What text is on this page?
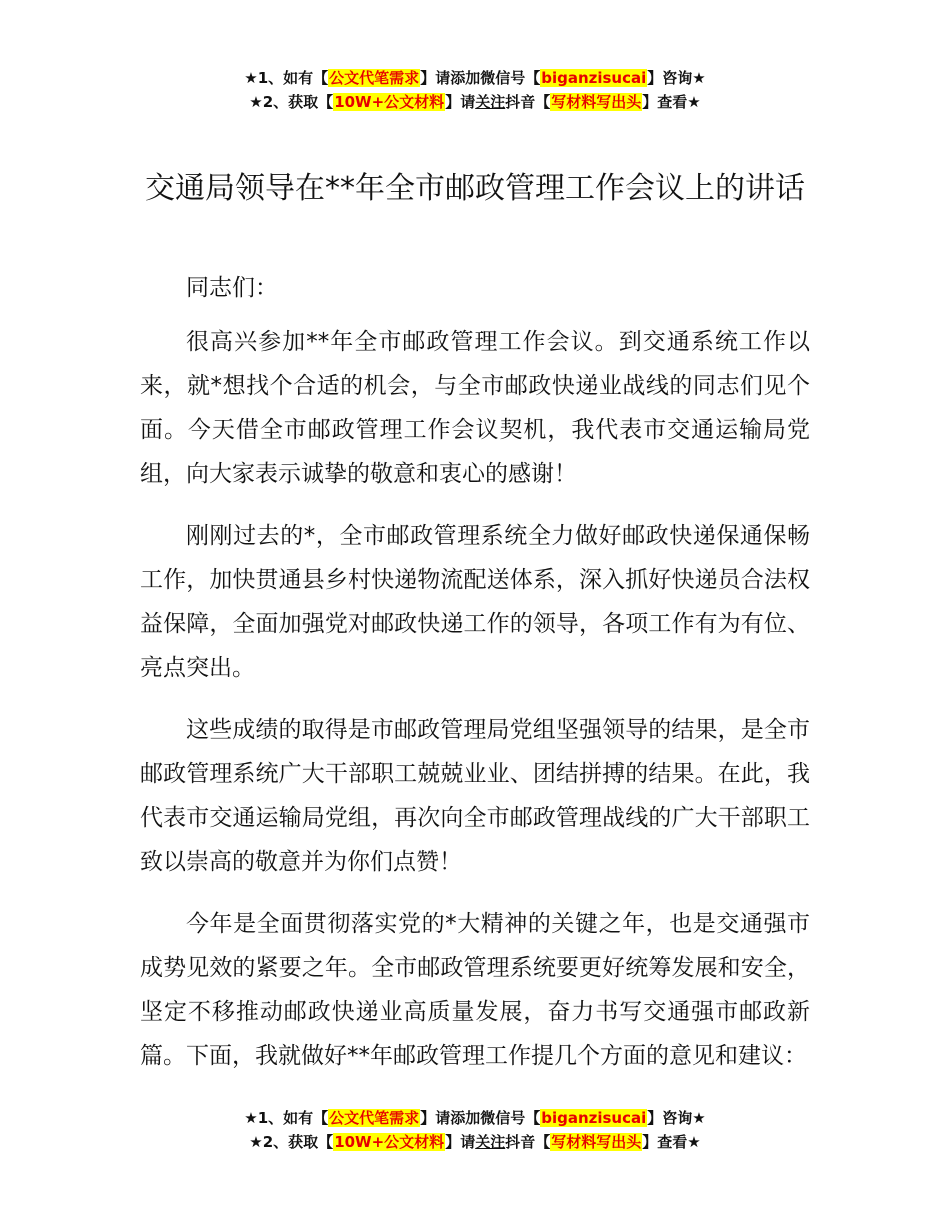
★1、如有【公文代笔需求】请添加微信号【biganzisucai】咨询★
★2、获取【10W+公文材料】请关注抖音【写材料写出头】查看★
交通局领导在**年全市邮政管理工作会议上的讲话

同志们：

很高兴参加**年全市邮政管理工作会议。到交通系统工作以来，就*想找个合适的机会，与全市邮政快递业战线的同志们见个面。今天借全市邮政管理工作会议契机，我代表市交通运输局党组，向大家表示诚挚的敬意和衷心的感谢！

刚刚过去的*，全市邮政管理系统全力做好邮政快递保通保畅工作，加快贯通县乡村快递物流配送体系，深入抓好快递员合法权益保障，全面加强党对邮政快递工作的领导，各项工作有为有位、亮点突出。

这些成绩的取得是市邮政管理局党组坚强领导的结果，是全市邮政管理系统广大干部职工兢兢业业、团结拼搏的结果。在此，我代表市交通运输局党组，再次向全市邮政管理战线的广大干部职工致以崇高的敬意并为你们点赞！

今年是全面贯彻落实党的*大精神的关键之年，也是交通强市成势见效的紧要之年。全市邮政管理系统要更好统筹发展和安全，坚定不移推动邮政快递业高质量发展，奋力书写交通强市邮政新篇。下面，我就做好**年邮政管理工作提几个方面的意见和建议：

★1、如有【公文代笔需求】请添加微信号【biganzisucai】咨询★
★2、获取【10W+公文材料】请关注抖音【写材料写出头】查看★
